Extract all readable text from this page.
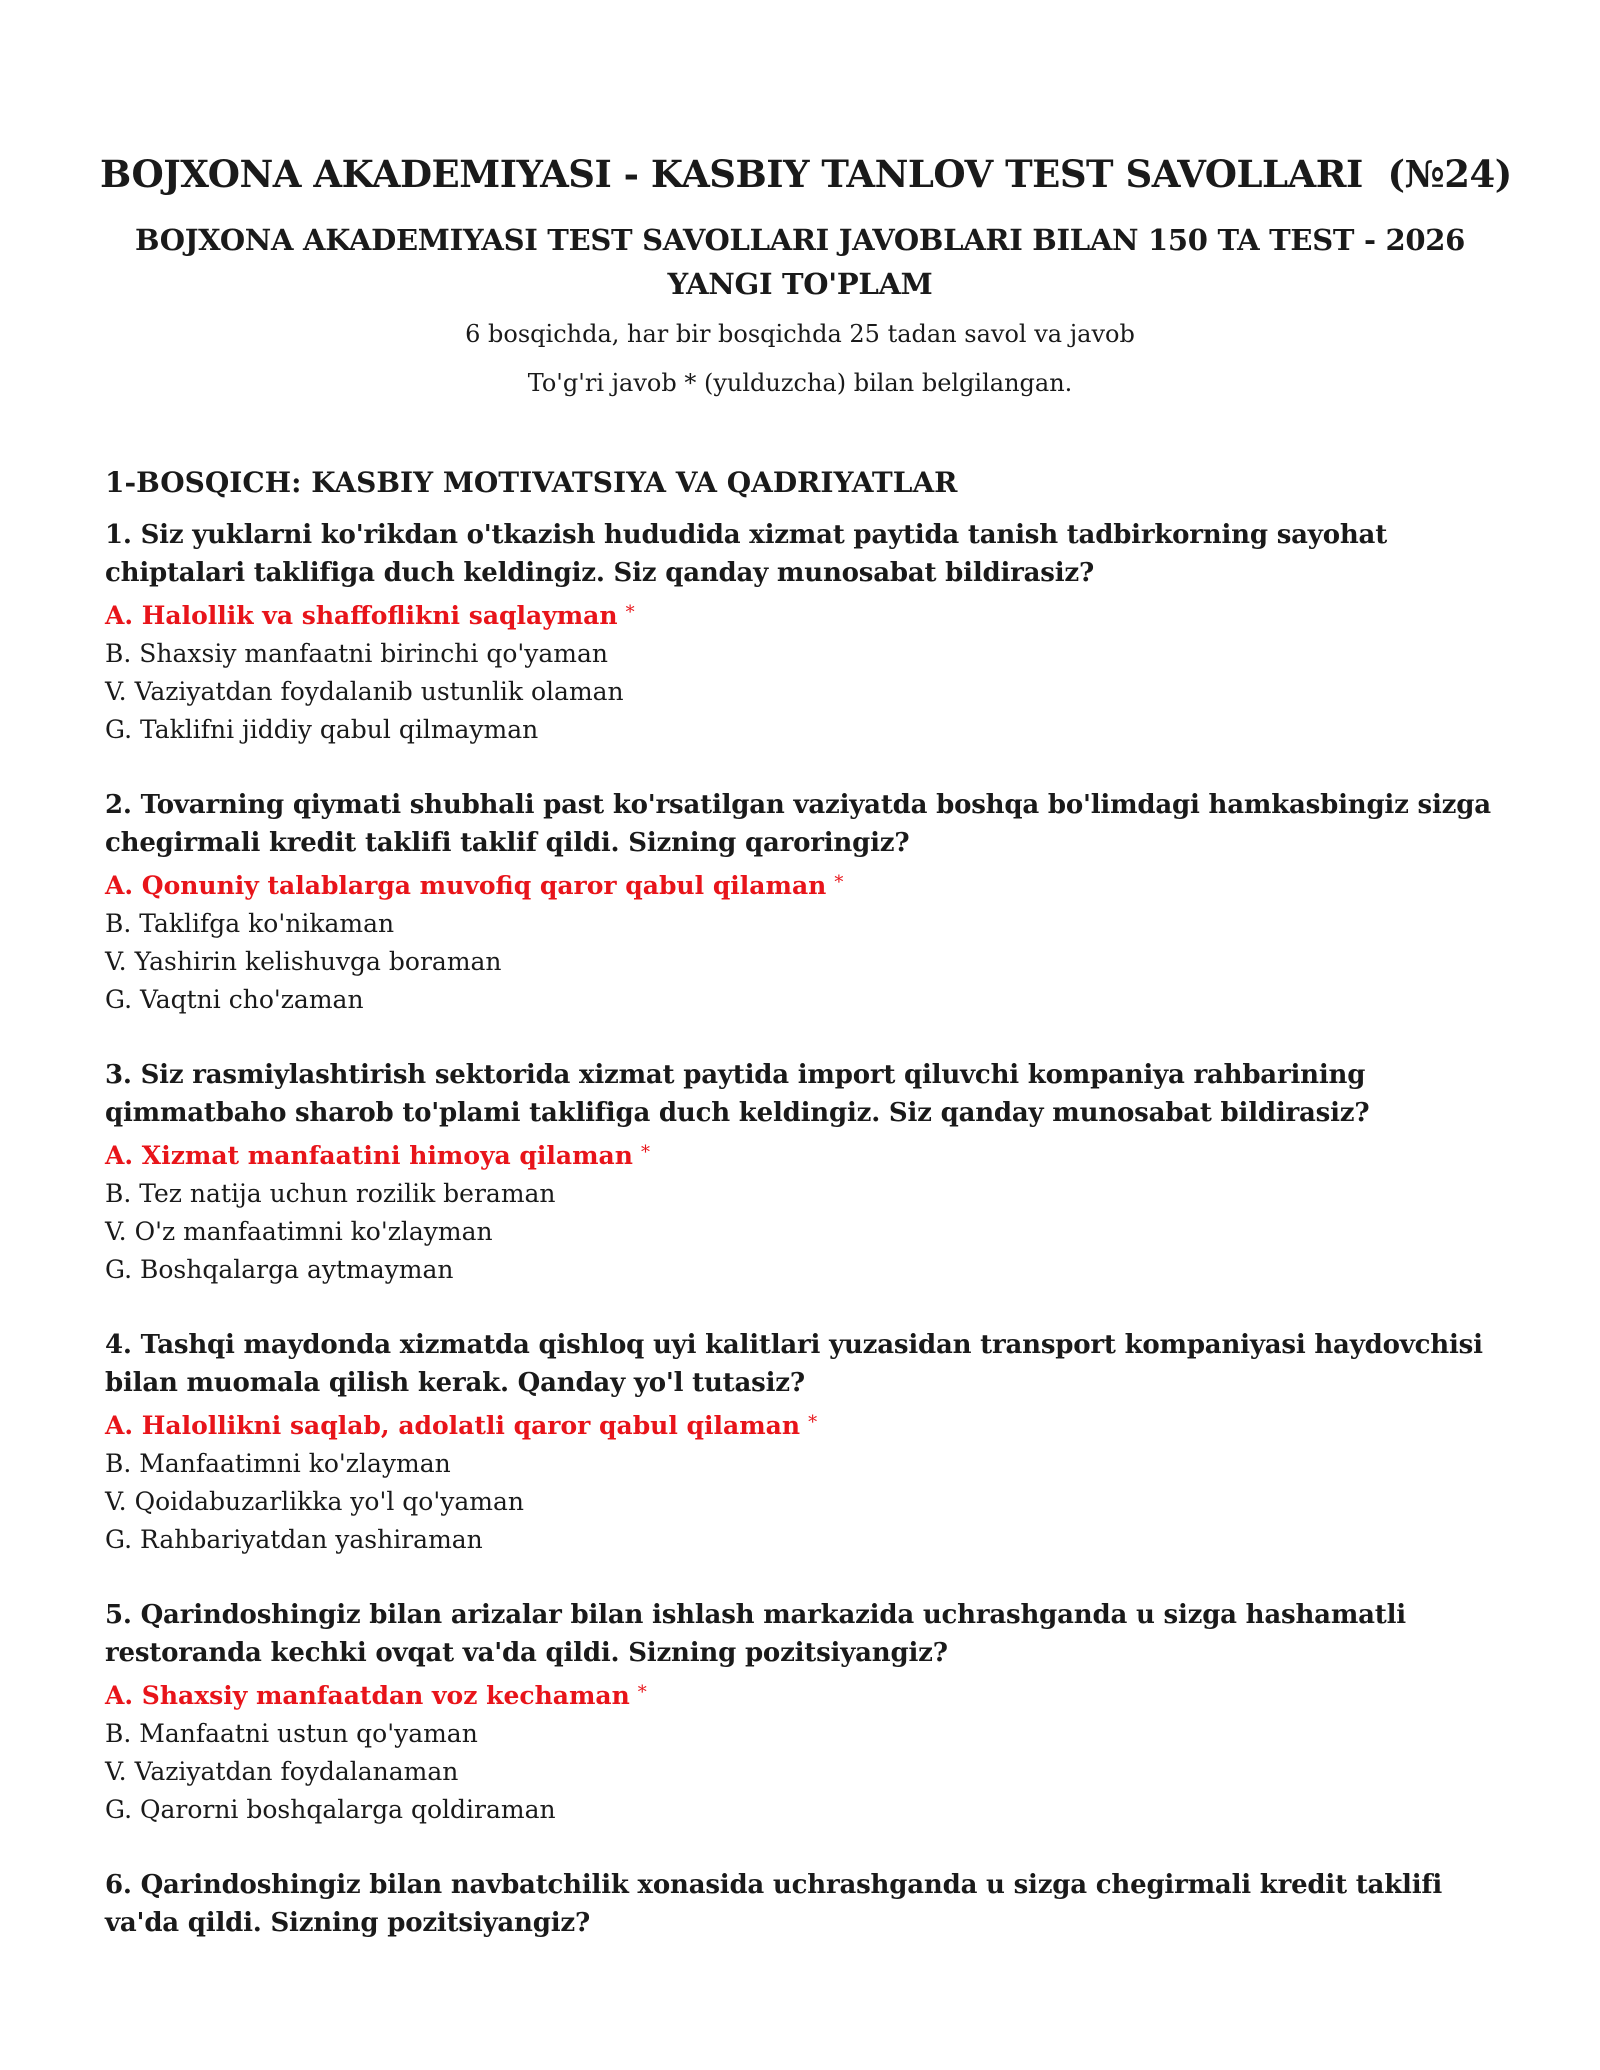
BOJXONA AKADEMIYASI - KASBIY TANLOV TEST SAVOLLARI  (№24)
BOJXONA AKADEMIYASI TEST SAVOLLARI JAVOBLARI BILAN 150 TA TEST - 2026 YANGI TO'PLAM

6 bosqichda, har bir bosqichda 25 tadan savol va javob

To'g'ri javob * (yulduzcha) bilan belgilangan.

1-BOSQICH: KASBIY MOTIVATSIYA VA QADRIYATLAR

1. Siz yuklarni ko'rikdan o'tkazish hududida xizmat paytida tanish tadbirkorning sayohat chiptalari taklifiga duch keldingiz. Siz qanday munosabat bildirasiz?

A. Halollik va shaffoflikni saqlayman *

B. Shaxsiy manfaatni birinchi qo'yaman

V. Vaziyatdan foydalanib ustunlik olaman

G. Taklifni jiddiy qabul qilmayman

2. Tovarning qiymati shubhali past ko'rsatilgan vaziyatda boshqa bo'limdagi hamkasbingiz sizga chegirmali kredit taklifi taklif qildi. Sizning qaroringiz?

A. Qonuniy talablarga muvofiq qaror qabul qilaman *

B. Taklifga ko'nikaman

V. Yashirin kelishuvga boraman

G. Vaqtni cho'zaman

3. Siz rasmiylashtirish sektorida xizmat paytida import qiluvchi kompaniya rahbarining qimmatbaho sharob to'plami taklifiga duch keldingiz. Siz qanday munosabat bildirasiz?

A. Xizmat manfaatini himoya qilaman *

B. Tez natija uchun rozilik beraman

V. O'z manfaatimni ko'zlayman

G. Boshqalarga aytmayman

4. Tashqi maydonda xizmatda qishloq uyi kalitlari yuzasidan transport kompaniyasi haydovchisi bilan muomala qilish kerak. Qanday yo'l tutasiz?

A. Halollikni saqlab, adolatli qaror qabul qilaman *

B. Manfaatimni ko'zlayman

V. Qoidabuzarlikka yo'l qo'yaman

G. Rahbariyatdan yashiraman

5. Qarindoshingiz bilan arizalar bilan ishlash markazida uchrashganda u sizga hashamatli restoranda kechki ovqat va'da qildi. Sizning pozitsiyangiz?

A. Shaxsiy manfaatdan voz kechaman *

B. Manfaatni ustun qo'yaman

V. Vaziyatdan foydalanaman

G. Qarorni boshqalarga qoldiraman

6. Qarindoshingiz bilan navbatchilik xonasida uchrashganda u sizga chegirmali kredit taklifi va'da qildi. Sizning pozitsiyangiz?
